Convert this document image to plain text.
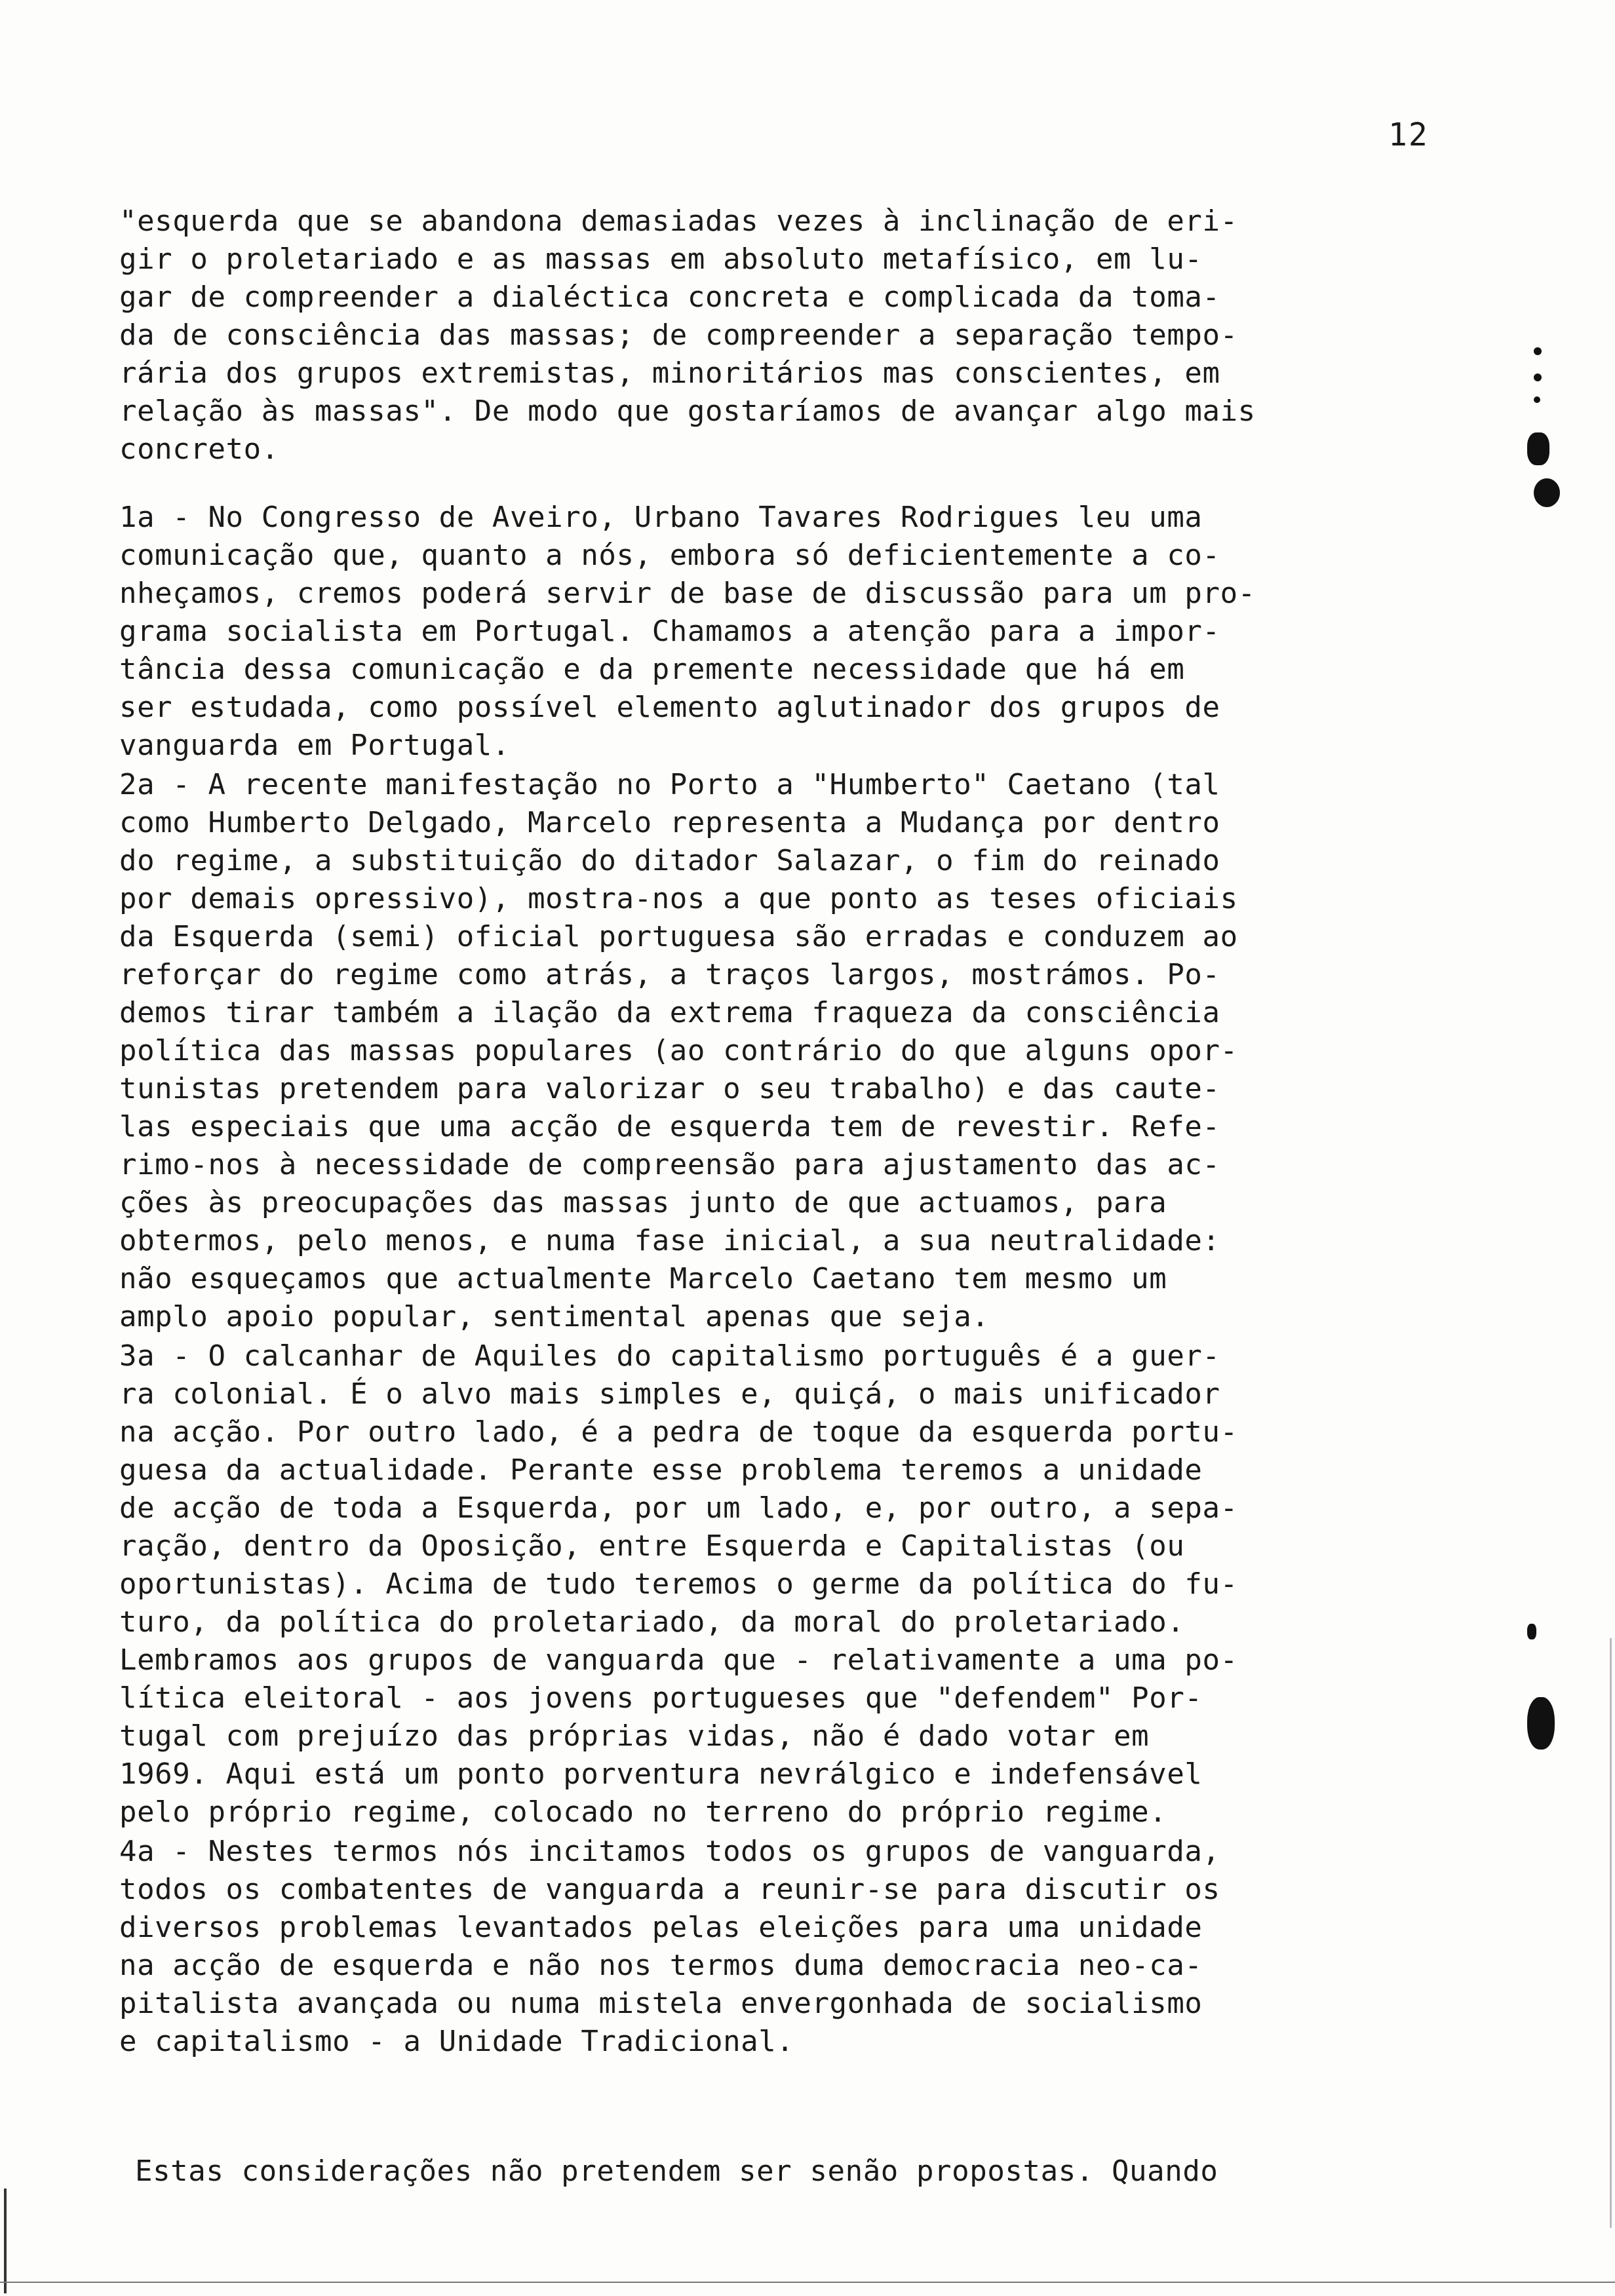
12
"esquerda que se abandona demasiadas vezes à inclinação de eri-
gir o proletariado e as massas em absoluto metafísico, em lu-
gar de compreender a dialéctica concreta e complicada da toma-
da de consciência das massas; de compreender a separação tempo-
rária dos grupos extremistas, minoritários mas conscientes, em
relação às massas". De modo que gostaríamos de avançar algo mais
concreto.
1a - No Congresso de Aveiro, Urbano Tavares Rodrigues leu uma
comunicação que, quanto a nós, embora só deficientemente a co-
nheçamos, cremos poderá servir de base de discussão para um pro-
grama socialista em Portugal. Chamamos a atenção para a impor-
tância dessa comunicação e da premente necessidade que há em
ser estudada, como possível elemento aglutinador dos grupos de
vanguarda em Portugal.
2a - A recente manifestação no Porto a "Humberto" Caetano (tal
como Humberto Delgado, Marcelo representa a Mudança por dentro
do regime, a substituição do ditador Salazar, o fim do reinado
por demais opressivo), mostra-nos a que ponto as teses oficiais
da Esquerda (semi) oficial portuguesa são erradas e conduzem ao
reforçar do regime como atrás, a traços largos, mostrámos. Po-
demos tirar também a ilação da extrema fraqueza da consciência
política das massas populares (ao contrário do que alguns opor-
tunistas pretendem para valorizar o seu trabalho) e das caute-
las especiais que uma acção de esquerda tem de revestir. Refe-
rimo-nos à necessidade de compreensão para ajustamento das ac-
ções às preocupações das massas junto de que actuamos, para
obtermos, pelo menos, e numa fase inicial, a sua neutralidade:
não esqueçamos que actualmente Marcelo Caetano tem mesmo um
amplo apoio popular, sentimental apenas que seja.
3a - O calcanhar de Aquiles do capitalismo português é a guer-
ra colonial. É o alvo mais simples e, quiçá, o mais unificador
na acção. Por outro lado, é a pedra de toque da esquerda portu-
guesa da actualidade. Perante esse problema teremos a unidade
de acção de toda a Esquerda, por um lado, e, por outro, a sepa-
ração, dentro da Oposição, entre Esquerda e Capitalistas (ou
oportunistas). Acima de tudo teremos o germe da política do fu-
turo, da política do proletariado, da moral do proletariado.
Lembramos aos grupos de vanguarda que - relativamente a uma po-
lítica eleitoral - aos jovens portugueses que "defendem" Por-
tugal com prejuízo das próprias vidas, não é dado votar em
1969. Aqui está um ponto porventura nevrálgico e indefensável
pelo próprio regime, colocado no terreno do próprio regime.
4a - Nestes termos nós incitamos todos os grupos de vanguarda,
todos os combatentes de vanguarda a reunir-se para discutir os
diversos problemas levantados pelas eleições para uma unidade
na acção de esquerda e não nos termos duma democracia neo-ca-
pitalista avançada ou numa mistela envergonhada de socialismo
e capitalismo - a Unidade Tradicional.
Estas considerações não pretendem ser senão propostas. Quando
